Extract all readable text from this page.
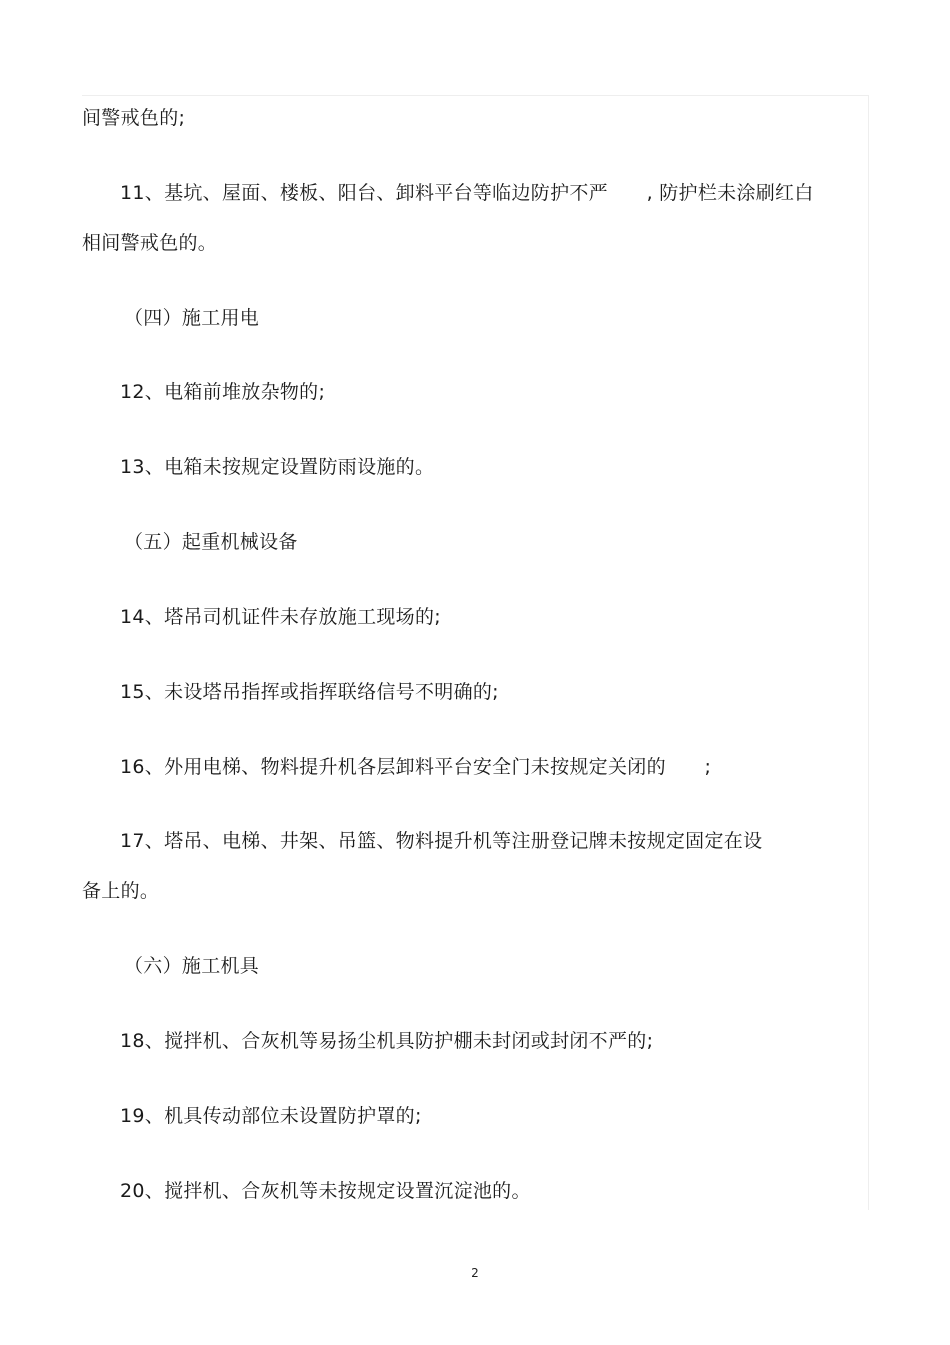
间警戒色的;
11、基坑、屋面、楼板、阳台、卸料平台等临边防护不严　　, 防护栏未涂刷红白
相间警戒色的。
（四）施工用电
12、电箱前堆放杂物的;
13、电箱未按规定设置防雨设施的。
（五）起重机械设备
14、塔吊司机证件未存放施工现场的;
15、未设塔吊指挥或指挥联络信号不明确的;
16、外用电梯、物料提升机各层卸料平台安全门未按规定关闭的　　;
17、塔吊、电梯、井架、吊篮、物料提升机等注册登记牌未按规定固定在设
备上的。
（六）施工机具
18、搅拌机、合灰机等易扬尘机具防护棚未封闭或封闭不严的;
19、机具传动部位未设置防护罩的;
20、搅拌机、合灰机等未按规定设置沉淀池的。
2
